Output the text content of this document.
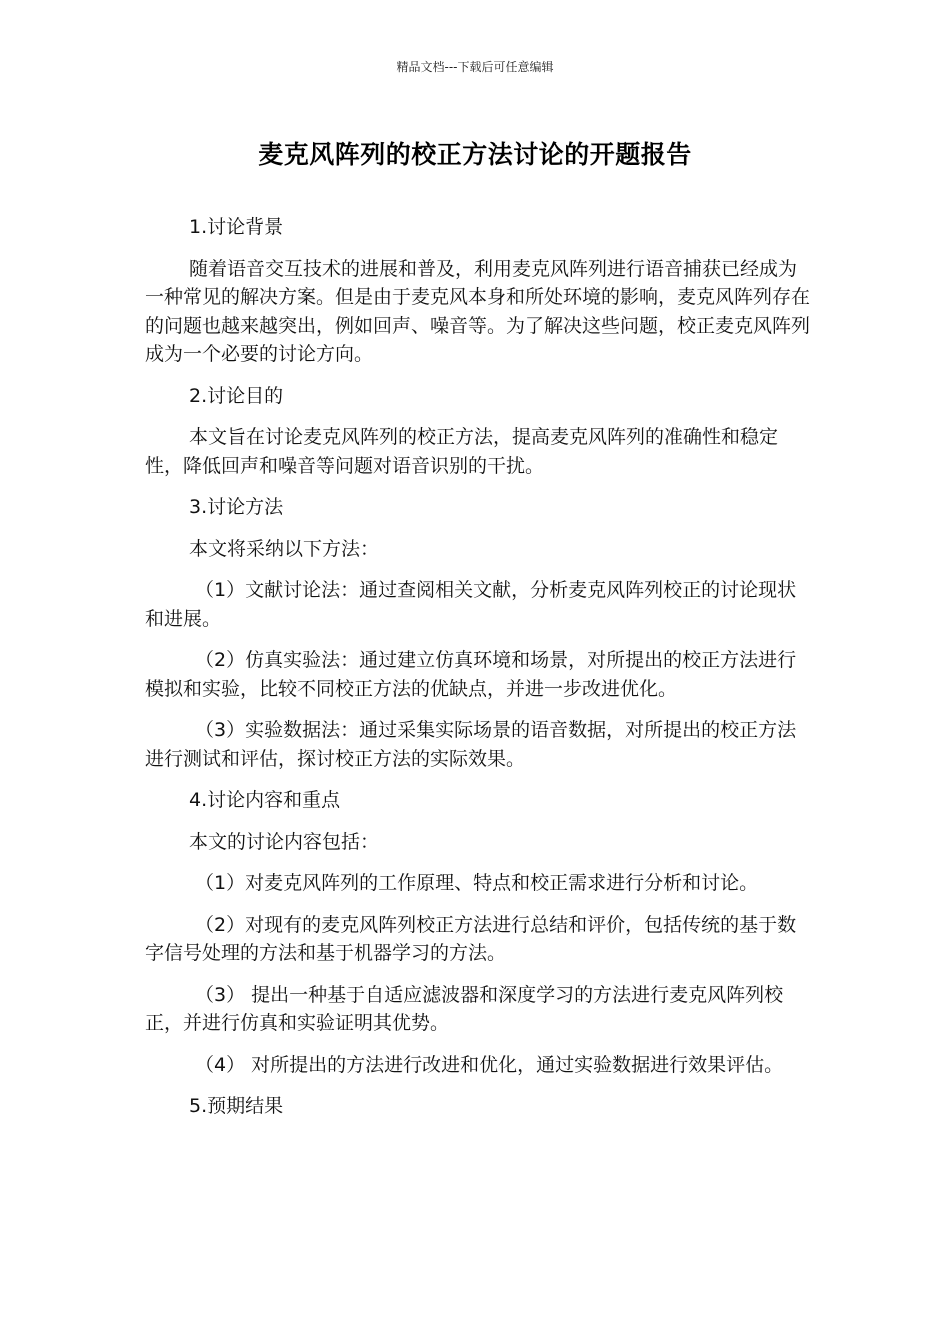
精品文档---下载后可任意编辑
麦克风阵列的校正方法讨论的开题报告

1.讨论背景

随着语音交互技术的进展和普及，利用麦克风阵列进行语音捕获已经成为一种常见的解决方案。但是由于麦克风本身和所处环境的影响，麦克风阵列存在的问题也越来越突出，例如回声、噪音等。为了解决这些问题，校正麦克风阵列成为一个必要的讨论方向。

2.讨论目的

本文旨在讨论麦克风阵列的校正方法，提高麦克风阵列的准确性和稳定性，降低回声和噪音等问题对语音识别的干扰。

3.讨论方法

本文将采纳以下方法：

（1）文献讨论法：通过查阅相关文献，分析麦克风阵列校正的讨论现状和进展。

（2）仿真实验法：通过建立仿真环境和场景，对所提出的校正方法进行模拟和实验，比较不同校正方法的优缺点，并进一步改进优化。

（3）实验数据法：通过采集实际场景的语音数据，对所提出的校正方法进行测试和评估，探讨校正方法的实际效果。

4.讨论内容和重点

本文的讨论内容包括：

（1）对麦克风阵列的工作原理、特点和校正需求进行分析和讨论。

（2）对现有的麦克风阵列校正方法进行总结和评价，包括传统的基于数字信号处理的方法和基于机器学习的方法。

（3） 提出一种基于自适应滤波器和深度学习的方法进行麦克风阵列校正，并进行仿真和实验证明其优势。

（4） 对所提出的方法进行改进和优化，通过实验数据进行效果评估。

5.预期结果
